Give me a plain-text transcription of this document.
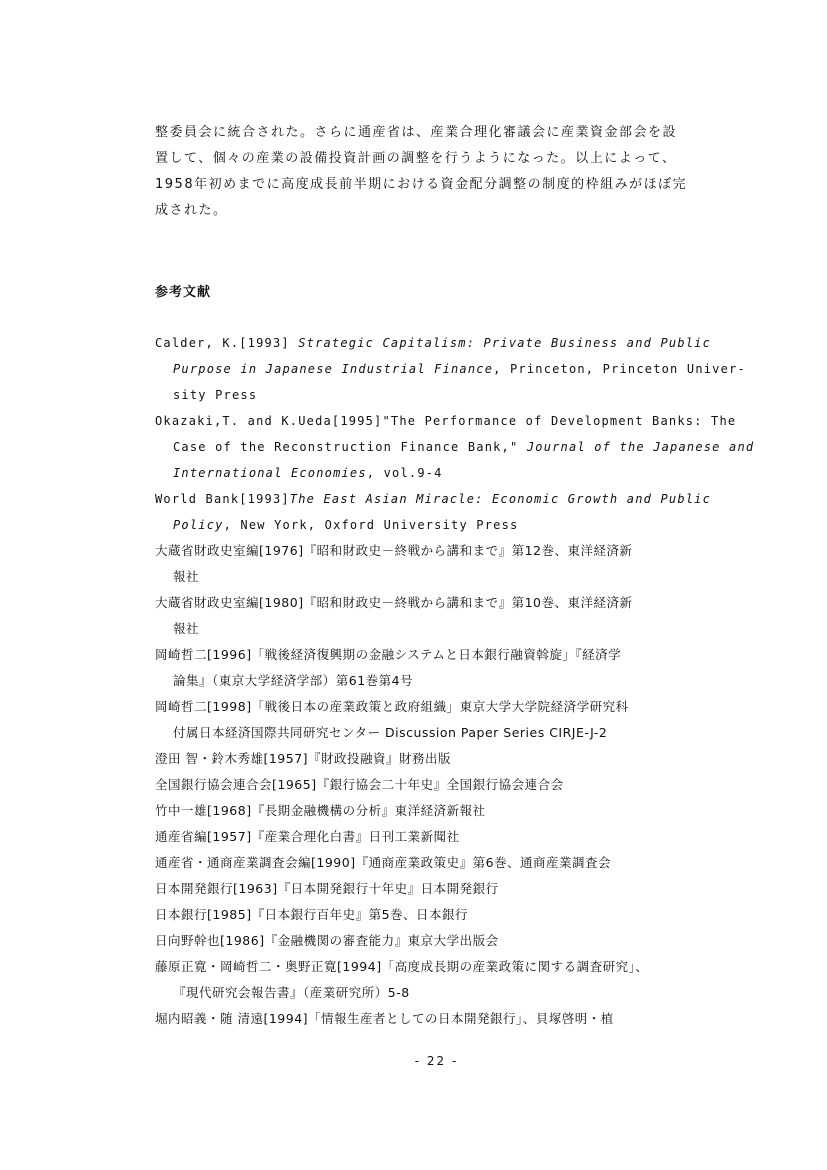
整委員会に統合された。さらに通産省は、産業合理化審議会に産業資金部会を設
置して、個々の産業の設備投資計画の調整を行うようになった。以上によって、
1958年初めまでに高度成長前半期における資金配分調整の制度的枠組みがほぼ完
成された。
参考文献
Calder, K.[1993] Strategic Capitalism: Private Business and Public
Purpose in Japanese Industrial Finance, Princeton, Princeton Univer-
sity Press
Okazaki,T. and K.Ueda[1995]"The Performance of Development Banks: The
Case of the Reconstruction Finance Bank," Journal of the Japanese and
International Economies, vol.9-4
World Bank[1993]The East Asian Miracle: Economic Growth and Public
Policy, New York, Oxford University Press
大蔵省財政史室編[1976]『昭和財政史－終戦から講和まで』第12巻、東洋経済新
報社
大蔵省財政史室編[1980]『昭和財政史－終戦から講和まで』第10巻、東洋経済新
報社
岡崎哲二[1996]「戦後経済復興期の金融システムと日本銀行融資斡旋」『経済学
論集』（東京大学経済学部）第61巻第4号
岡崎哲二[1998]「戦後日本の産業政策と政府組織」東京大学大学院経済学研究科
付属日本経済国際共同研究センター Discussion Paper Series CIRJE-J-2
澄田 智・鈴木秀雄[1957]『財政投融資』財務出版
全国銀行協会連合会[1965]『銀行協会二十年史』全国銀行協会連合会
竹中一雄[1968]『長期金融機構の分析』東洋経済新報社
通産省編[1957]『産業合理化白書』日刊工業新聞社
通産省・通商産業調査会編[1990]『通商産業政策史』第6巻、通商産業調査会
日本開発銀行[1963]『日本開発銀行十年史』日本開発銀行
日本銀行[1985]『日本銀行百年史』第5巻、日本銀行
日向野幹也[1986]『金融機関の審査能力』東京大学出版会
藤原正寛・岡崎哲二・奥野正寛[1994]「高度成長期の産業政策に関する調査研究」、
『現代研究会報告書』（産業研究所）5-8
堀内昭義・随 清遠[1994]「情報生産者としての日本開発銀行」、貝塚啓明・植
- 22 -
